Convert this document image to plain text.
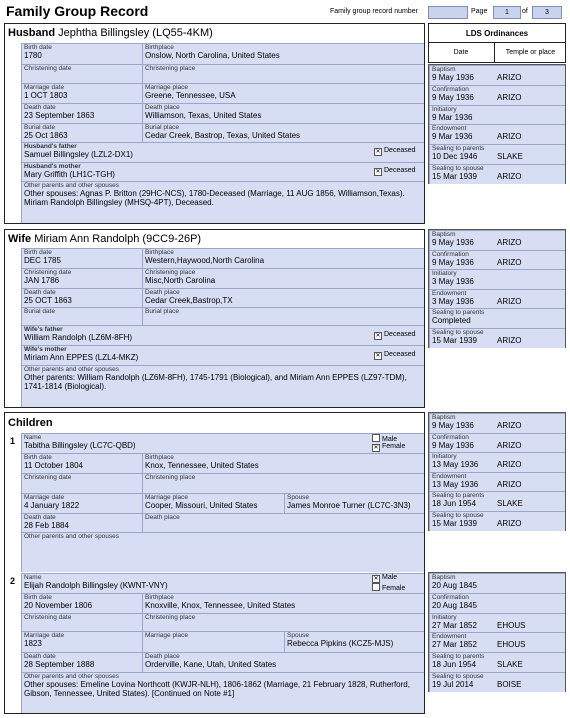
Family Group Record	Family group record number	Page	1	of	3
Husband Jephtha Billingsley (LQ55-4KM)
Birth date
1780
Birthplace
Onslow, North Carolina, United States
Christening date	Christening place
Marriage date
1 OCT 1803
Marriage place
Greene, Tennessee, USA
Death date
23 September 1863
Death place
Williamson, Texas, United States
Burial date
25 Oct 1863
Burial place
Cedar Creek, Bastrop, Texas, United States
Husband's father
Samuel Billingsley (LZL2-DX1)	✕ Deceased
Husband's mother
Mary Griffith (LH1C-TGH)	✕ Deceased
Other parents and other spouses
Other spouses: Agnas P. Britton (29HC-NCS), 1780-Deceased (Marriage, 11 AUG 1856, Williamson,Texas). Miriam Randolph Billingsley (MHSQ-4PT), Deceased.
Wife Miriam Ann Randolph (9CC9-26P)
Birth date
DEC 1785
Birthplace
Western,Haywood,North Carolina
Christening date
JAN 1786
Christening place
Misc,North Carolina
Death date
25 OCT 1863
Death place
Cedar Creek,Bastrop,TX
Burial date	Burial place
Wife's father
William Randolph (LZ6M-8FH)	✕ Deceased
Wife's mother
Miriam Ann EPPES (LZL4-MKZ)	✕ Deceased
Other parents and other spouses
Other parents: William Randolph (LZ6M-8FH), 1745-1791 (Biological), and Miriam Ann EPPES (LZ97-TDM), 1741-1814 (Biological).
Children
1	Name
Tabitha Billingsley (LC7C-QBD)
Male
✕ Female
Birth date
11 October 1804
Birthplace
Knox, Tennessee, United States
Christening date	Christening place
Marriage date
4 January 1822
Marriage place
Cooper, Missouri, United States
Spouse
James Monroe Turner (LC7C-3N3)
Death date
28 Feb 1884
Death place
Other parents and other spouses
2	Name
Elijah Randolph Billingsley (KWNT-VNY)
✕ Male
Female
Birth date
20 November 1806
Birthplace
Knoxville, Knox, Tennessee, United States
Christening date	Christening place
Marriage date
1823
Marriage place	Spouse
Rebecca Pipkins (KCZ5-MJS)
Death date
28 September 1888
Death place
Orderville, Kane, Utah, United States
Other parents and other spouses
Other spouses: Emeline Lovina Northcott (KWJR-NLH), 1806-1862 (Marriage, 21 February 1828, Rutherford, Gibson, Tennessee, United States). [Continued on Note #1]
LDS Ordinances
Date	Temple or place
Baptism
9 May 1936	ARIZO
Confirmation
9 May 1936	ARIZO
Initiatory
9 Mar 1936
Endowment
9 Mar 1936	ARIZO
Sealing to parents
10 Dec 1946 SLAKE
Sealing to spouse
15 Mar 1939	ARIZO
Baptism
9 May 1936	ARIZO
Confirmation
9 May 1936	ARIZO
Initiatory
3 May 1936
Endowment
3 May 1936	ARIZO
Sealing to parents
Completed
Sealing to spouse
15 Mar 1939	ARIZO
Baptism
9 May 1936	ARIZO
Confirmation
9 May 1936	ARIZO
Initiatory
13 May 1936 ARIZO
Endowment
13 May 1936 ARIZO
Sealing to parents
18 Jun 1954	SLAKE
Sealing to spouse
15 Mar 1939	ARIZO
Baptism
20 Aug 1845
Confirmation
20 Aug 1845
Initiatory
27 Mar 1852	EHOUS
Endowment
27 Mar 1852	EHOUS
Sealing to parents
18 Jun 1954	SLAKE
Sealing to spouse
19 Jul 2014	BOISE
